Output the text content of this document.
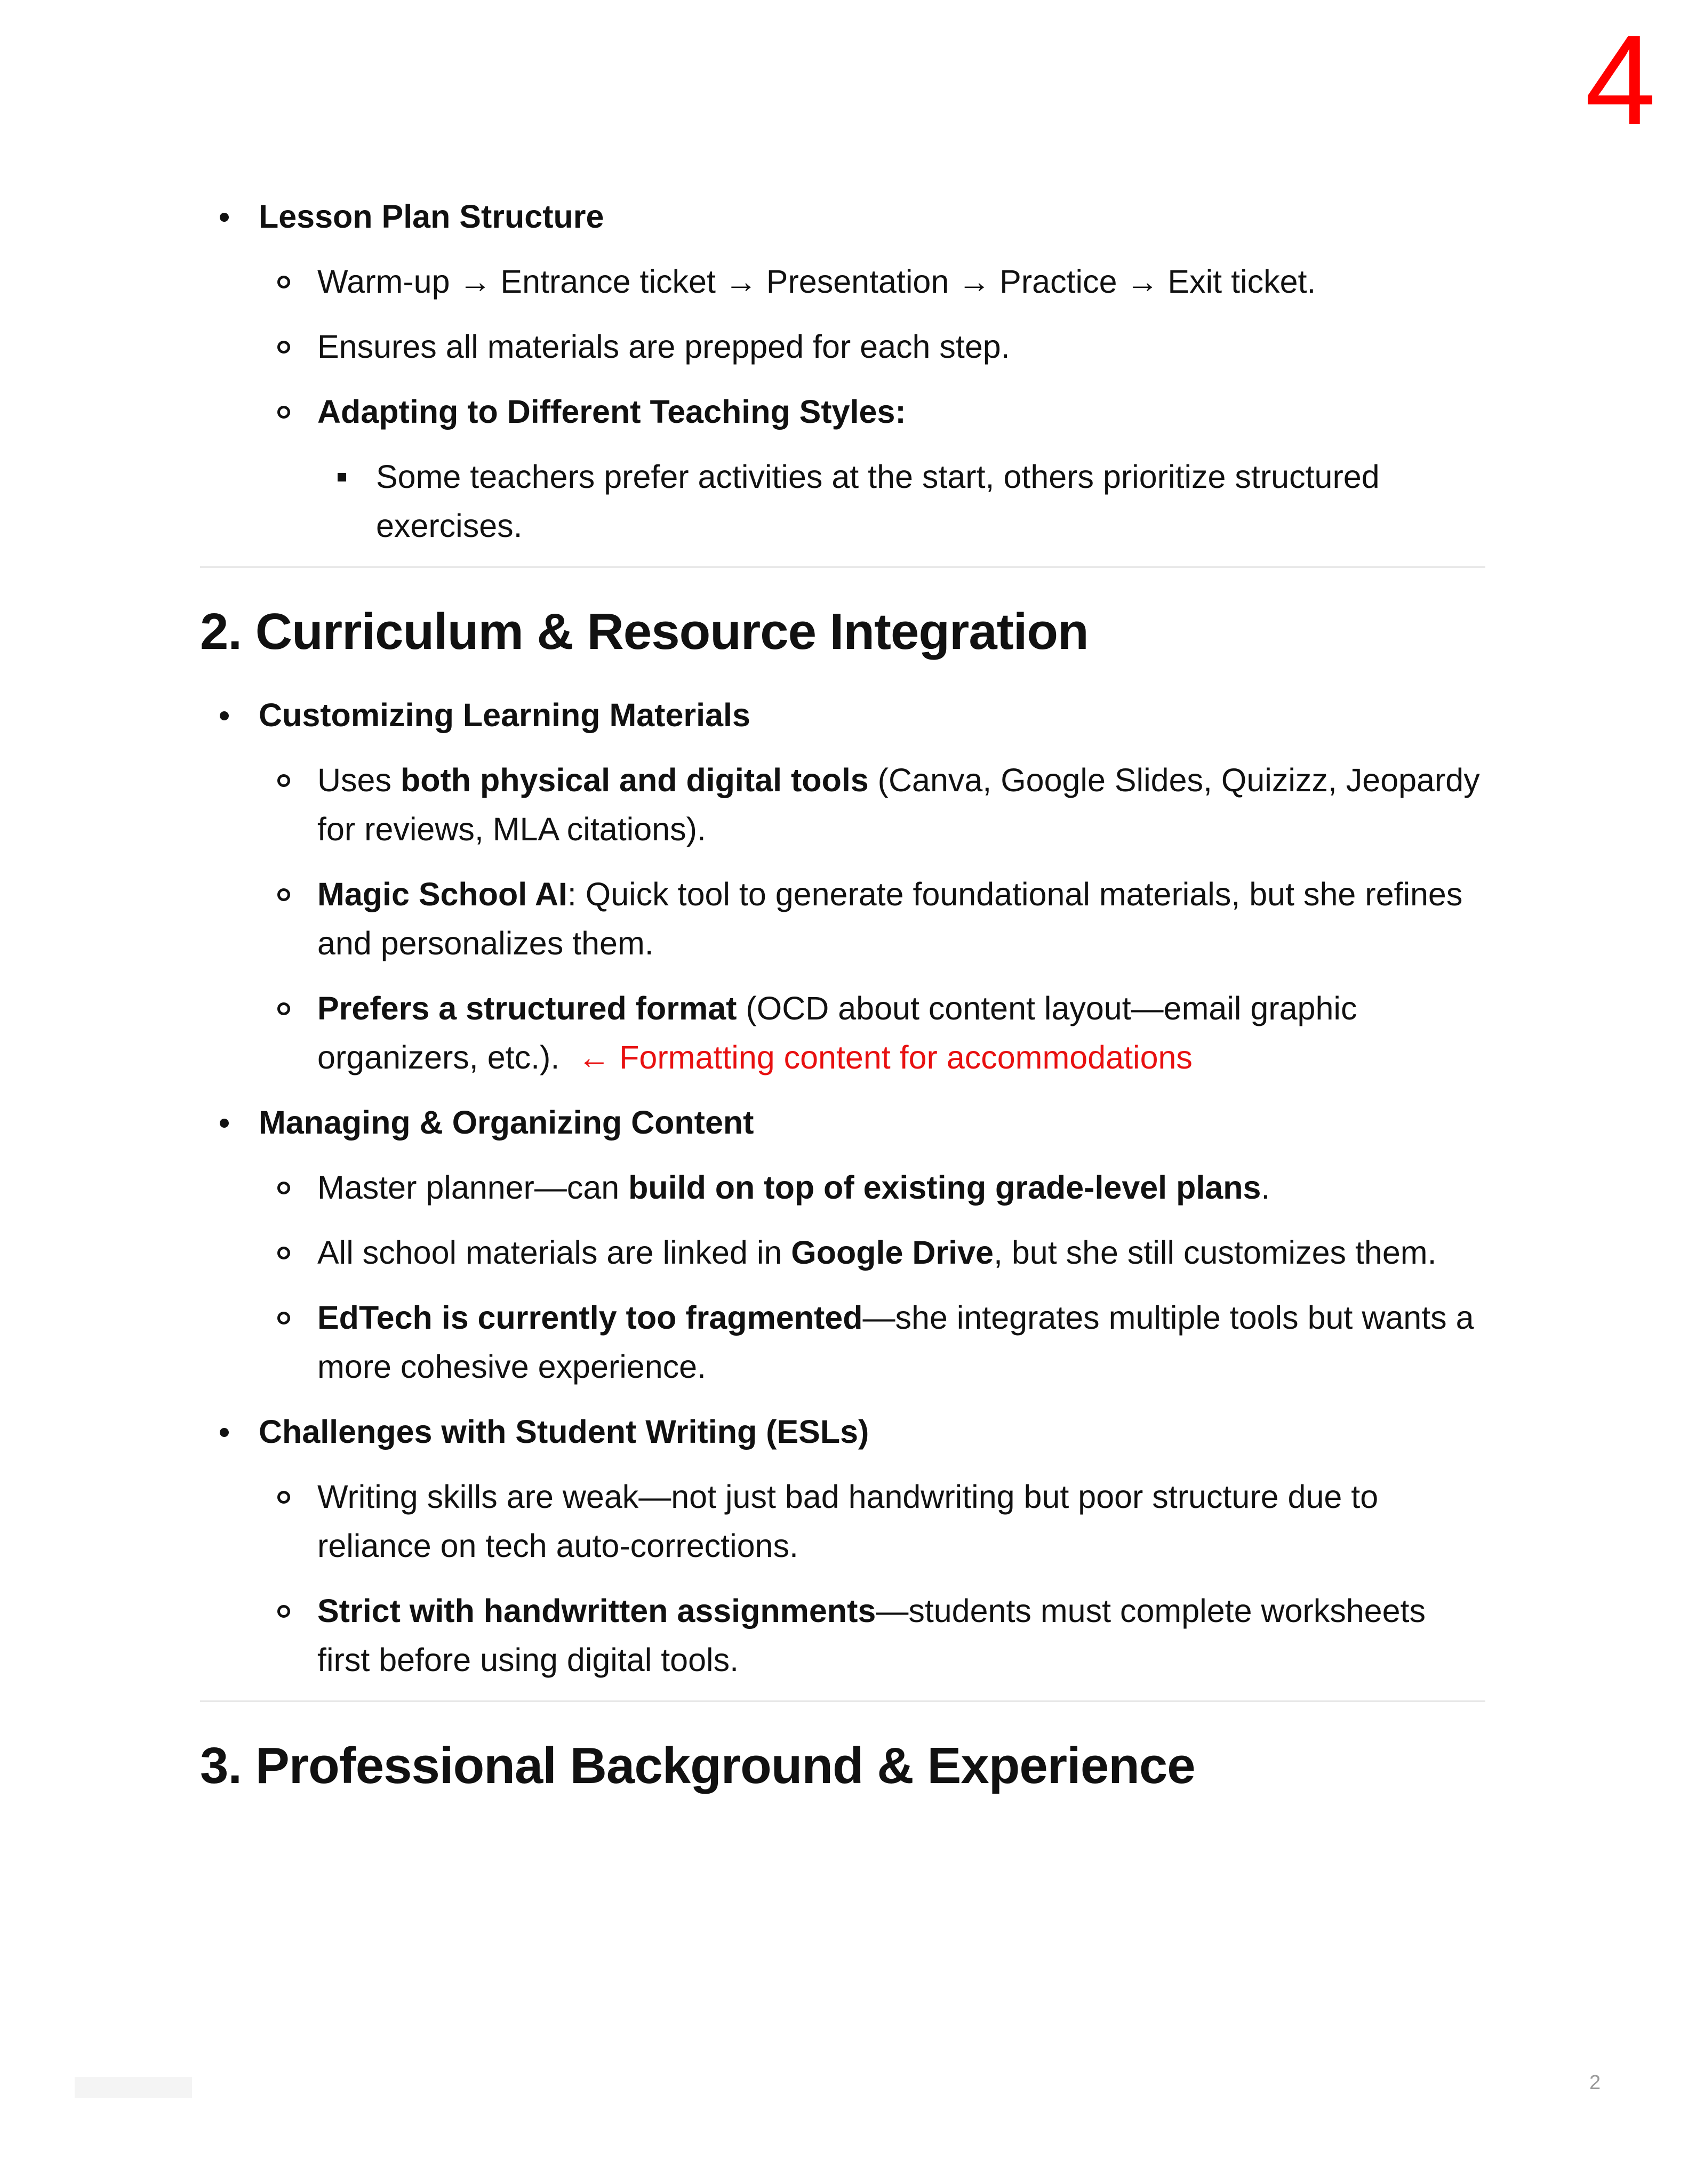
4
Lesson Plan Structure
Warm-up → Entrance ticket → Presentation → Practice → Exit ticket.
Ensures all materials are prepped for each step.
Adapting to Different Teaching Styles:
Some teachers prefer activities at the start, others prioritize structured exercises.
2. Curriculum & Resource Integration
Customizing Learning Materials
Uses both physical and digital tools (Canva, Google Slides, Quizizz, Jeopardy for reviews, MLA citations).
Magic School AI: Quick tool to generate foundational materials, but she refines and personalizes them.
Prefers a structured format (OCD about content layout—email graphic organizers, etc.). ← Formatting content for accommodations
Managing & Organizing Content
Master planner—can build on top of existing grade-level plans.
All school materials are linked in Google Drive, but she still customizes them.
EdTech is currently too fragmented—she integrates multiple tools but wants a more cohesive experience.
Challenges with Student Writing (ESLs)
Writing skills are weak—not just bad handwriting but poor structure due to reliance on tech auto-corrections.
Strict with handwritten assignments—students must complete worksheets first before using digital tools.
3. Professional Background & Experience
2
